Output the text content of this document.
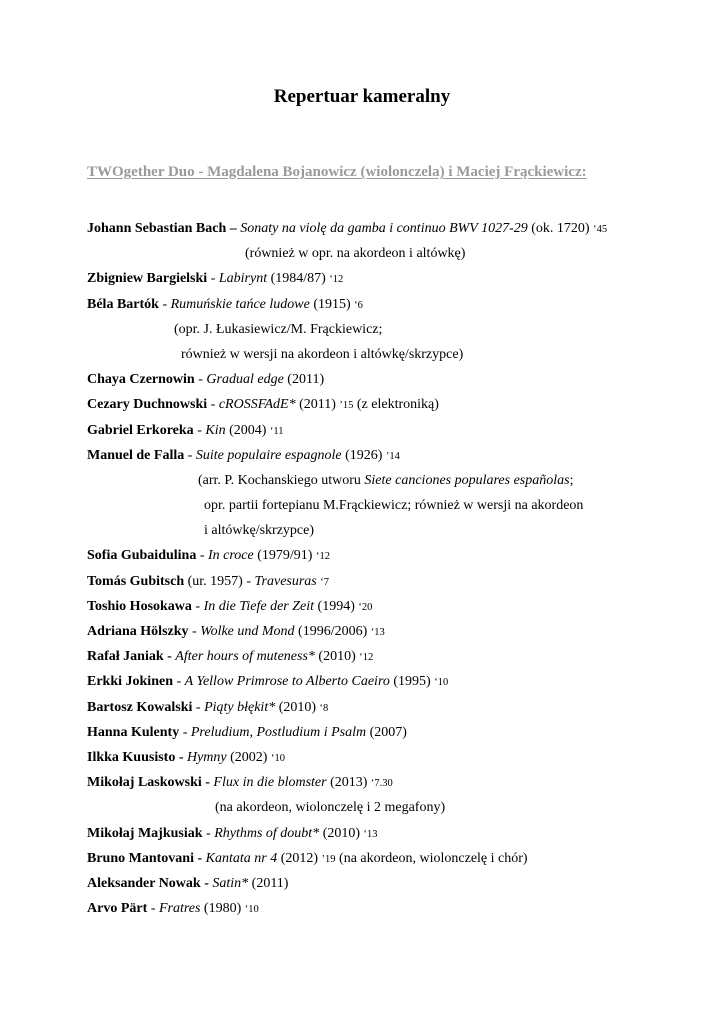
Repertuar kameralny
TWOgether Duo - Magdalena Bojanowicz (wiolonczela) i Maciej Frąckiewicz:
Johann Sebastian Bach – Sonaty na violę da gamba i continuo BWV 1027-29 (ok. 1720) ‘45
(również w opr. na akordeon i altówkę)
Zbigniew Bargielski - Labirynt (1984/87) ‘12
Béla Bartók - Rumuńskie tańce ludowe (1915) ‘6
(opr. J. Łukasiewicz/M. Frąckiewicz;
również w wersji na akordeon i altówkę/skrzypce)
Chaya Czernowin - Gradual edge (2011)
Cezary Duchnowski - cROSSFAdE* (2011) ’15 (z elektroniką)
Gabriel Erkoreka - Kin (2004) ‘11
Manuel de Falla - Suite populaire espagnole (1926) ’14
(arr. P. Kochanskiego utworu Siete canciones populares españolas;
opr. partii fortepianu M.Frąckiewicz; również w wersji na akordeon
i altówkę/skrzypce)
Sofia Gubaidulina - In croce (1979/91) ‘12
Tomás Gubitsch (ur. 1957) - Travesuras ‘7
Toshio Hosokawa - In die Tiefe der Zeit (1994) ‘20
Adriana Hölszky - Wolke und Mond (1996/2006) ‘13
Rafał Janiak - After hours of muteness* (2010) ‘12
Erkki Jokinen - A Yellow Primrose to Alberto Caeiro (1995) ‘10
Bartosz Kowalski - Piąty błękit* (2010) ‘8
Hanna Kulenty - Preludium, Postludium i Psalm (2007)
Ilkka Kuusisto - Hymny (2002) ‘10
Mikołaj Laskowski - Flux in die blomster (2013) ‘7.30
(na akordeon, wiolonczelę i 2 megafony)
Mikołaj Majkusiak - Rhythms of doubt* (2010) ‘13
Bruno Mantovani - Kantata nr 4 (2012) ’19 (na akordeon, wiolonczelę i chór)
Aleksander Nowak - Satin* (2011)
Arvo Pärt - Fratres (1980) ‘10
